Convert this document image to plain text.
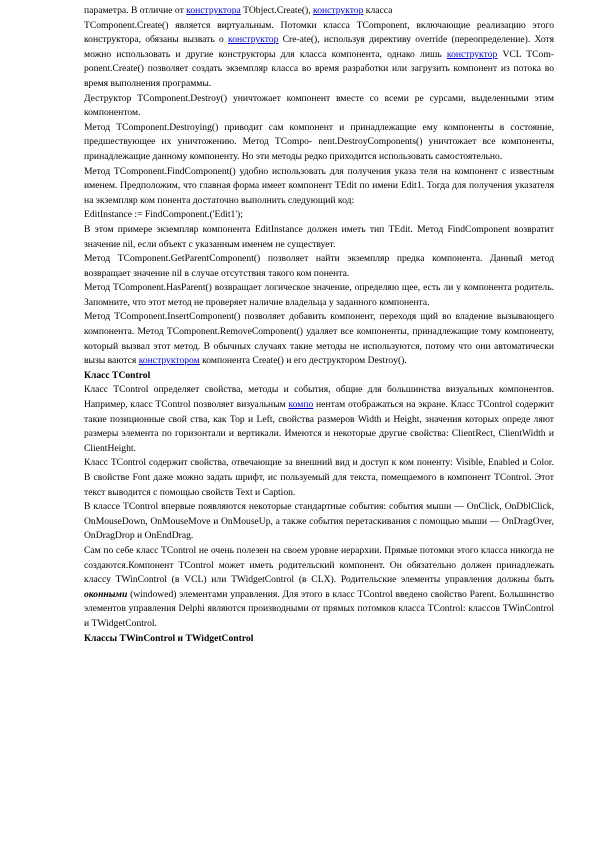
параметра. В отличие от конструктора TObject.Create(), конструктор класса
TComponent.Create() является виртуальным. Потомки класса TComponent, включающие реализацию этого конструктора, обязаны вызвать о конструктор Cre-ate(), используя директиву override (переопределение). Хотя можно использовать и другие конструкторы для класса компонента, однако лишь конструктор VCL TCom- ponent.Create() позволяет создать экземпляр класса во время разработки или загрузить компонент из потока во время выполнения программы.

Деструктор TComponent.Destroy() уничтожает компонент вместе со всеми ре сурсами, выделенными этим компонентом.

Метод TComponent.Destroying() приводит сам компонент и принадлежащие ему компоненты в состояние, предшествующее их уничтожению. Метод TCompo- nent.DestroyComponents() уничтожает все компоненты, принадлежащие данному компоненту. Но эти методы редко приходится использовать самостоятельно.

Метод TComponent.FindComponent() удобно использовать для получения указа теля на компонент с известным именем. Предположим, что главная форма имеет компонент TEdit по имени Edit1. Тогда для получения указателя на экземпляр ком понента достаточно выполнить следующий код:

EditInstance := FindComponent.('Edit1');

В этом примере экземпляр компонента EditInstance должен иметь тип TEdit. Метод FindComponent возвратит значение nil, если объект с указанным именем не существует.

Метод TComponent.GetParentComponent() позволяет найти экземпляр предка компонента. Данный метод возвращает значение nil в случае отсутствия такого ком понента.

Метод TComponent.HasParent() возвращает логическое значение, определяю щее, есть ли у компонента родитель. Запомните, что этот метод не проверяет наличие владельца у заданного компонента.

Метод TComponent.InsertComponent() позволяет добавить компонент, переходя щий во владение вызывающего компонента. Метод TComponent.RemoveComponent() удаляет все компоненты, принадлежащие тому компоненту, который вызвал этот метод. В обычных случаях такие методы не используются, потому что они автоматически вызы ваются конструктором компонента Create() и его деструктором Destroy().

Класс TControl

Класс TControl определяет свойства, методы и события, общие для большинства визуальных компонентов. Например, класс TControl позволяет визуальным компо нентам отображаться на экране. Класс TControl содержит такие позиционные свой ства, как Top и Left, свойства размеров Width и Height, значения которых опреде ляют размеры элемента по горизонтали и вертикали. Имеются и некоторые другие свойства: ClientRect, ClientWidth и ClientHeight.

Класс TControl содержит свойства, отвечающие за внешний вид и доступ к ком поненту: Visible, Enabled и Color. В свойстве Font даже можно задать шрифт, ис пользуемый для текста, помещаемого в компонент TControl. Этот текст выводится с помощью свойств Text и Caption.

В классе TControl впервые появляются некоторые стандартные события: события мыши — OnClick, OnDblClick, OnMouseDown, OnMouseMove и OnMouseUp, а также события перетаскивания с помощью мыши — OnDragOver, OnDragDrop и OnEndDrag.

Сам по себе класс TControl не очень полезен на своем уровне иерархии. Прямые потомки этого класса никогда не создаются.Компонент TControl может иметь родительский компонент. Он обязательно должен принадлежать классу TWinControl (в VCL) или TWidgetControl (в CLX). Родительские элементы управления должны быть оконными (windowed) элементами управления. Для этого в класс TControl введено свойство Parent. Большинство элементов управления Delphi являются производными от прямых потомков класса TControl: классов TWinControl и TWidgetControl.

Классы TWinControl и TWidgetControl
